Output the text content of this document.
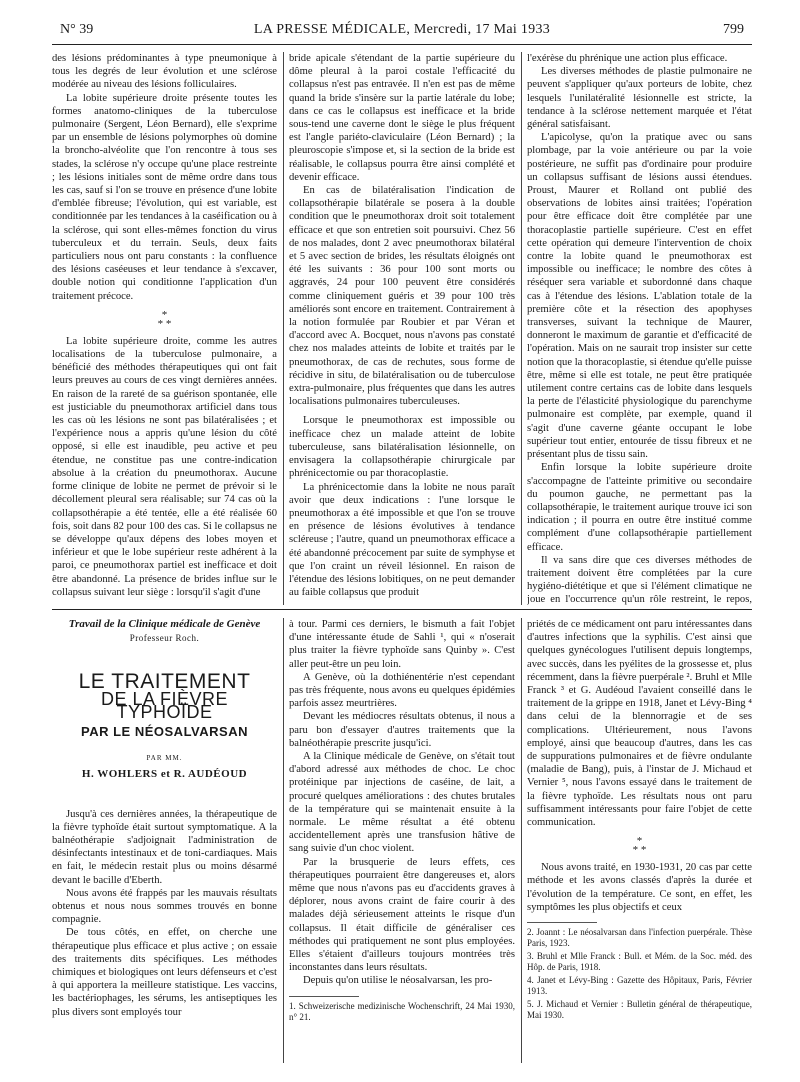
N° 39	LA PRESSE MÉDICALE, Mercredi, 17 Mai 1933	799

des lésions prédominantes à type pneumonique à tous les degrés de leur évolution et une sclérose modérée au niveau des lésions folliculaires.

La lobite supérieure droite présente toutes les formes anatomo-cliniques de la tuberculose pulmonaire (Sergent, Léon Bernard), elle s'exprime par un ensemble de lésions polymorphes où domine la broncho-alvéolite que l'on rencontre à tous ses stades, la sclérose n'y occupe qu'une place restreinte ; les lésions initiales sont de même ordre dans tous les cas, sauf si l'on se trouve en présence d'une lobite d'emblée fibreuse; l'évolution, qui est variable, est conditionnée par les tendances à la caséification ou à la sclérose, qui sont elles-mêmes fonction du virus tuberculeux et du terrain. Seuls, deux faits particuliers nous ont paru constants : la confluence des lésions caséeuses et leur tendance à s'excaver, double notion qui conditionne l'application d'un traitement précoce.

*
* *

La lobite supérieure droite, comme les autres localisations de la tuberculose pulmonaire, a bénéficié des méthodes thérapeutiques qui ont fait leurs preuves au cours de ces vingt dernières années. En raison de la rareté de sa guérison spontanée, elle est justiciable du pneumothorax artificiel dans tous les cas où les lésions ne sont pas bilatéralisées ; et l'expérience nous a appris qu'une lésion du côté opposé, si elle est inaudible, peu active et peu étendue, ne constitue pas une contre-indication absolue à la création du pneumothorax. Aucune forme clinique de lobite ne permet de prévoir si le décollement pleural sera réalisable; sur 74 cas où la collapsothérapie a été tentée, elle a été réalisée 60 fois, soit dans 82 pour 100 des cas. Si le collapsus ne se développe qu'aux dépens des lobes moyen et inférieur et que le lobe supérieur reste adhérent à la paroi, ce pneumothorax partiel est inefficace et doit être abandonné. La présence de brides influe sur le collapsus suivant leur siège : lorsqu'il s'agit d'une

bride apicale s'étendant de la partie supérieure du dôme pleural à la paroi costale l'efficacité du collapsus n'est pas entravée. Il n'en est pas de même quand la bride s'insère sur la partie latérale du lobe; dans ce cas le collapsus est inefficace et la bride sous-tend une caverne dont le siège le plus fréquent est l'angle pariéto-claviculaire (Léon Bernard) ; la pleuroscopie s'impose et, si la section de la bride est réalisable, le collapsus pourra être ainsi complété et devenir efficace.

En cas de bilatéralisation l'indication de collapsothérapie bilatérale se posera à la double condition que le pneumothorax droit soit totalement efficace et que son entretien soit poursuivi. Chez 56 de nos malades, dont 2 avec pneumothorax bilatéral et 5 avec section de brides, les résultats éloignés ont été les suivants : 36 pour 100 sont morts ou aggravés, 24 pour 100 peuvent être considérés comme cliniquement guéris et 39 pour 100 très améliorés sont encore en traitement. Contrairement à la notion formulée par Roubier et par Véran et d'accord avec A. Bocquet, nous n'avons pas constaté chez nos malades atteints de lobite et traités par le pneumothorax, de cas de rechutes, sous forme de récidive in situ, de bilatéralisation ou de tuberculose extra-pulmonaire, plus fréquentes que dans les autres localisations pulmonaires tuberculeuses.

Lorsque le pneumothorax est impossible ou inefficace chez un malade atteint de lobite tuberculeuse, sans bilatéralisation lésionnelle, on envisagera la collapsothérapie chirurgicale par phrénicectomie ou par thoracoplastie.

La phrénicectomie dans la lobite ne nous paraît avoir que deux indications : l'une lorsque le pneumothorax a été impossible et que l'on se trouve en présence de lésions évolutives à tendance scléreuse ; l'autre, quand un pneumothorax efficace a été abandonné précocement par suite de symphyse et que l'on craint un réveil lésionnel. En raison de l'étendue des lésions lobitiques, on ne peut demander au faible collapsus que produit

l'exérèse du phrénique une action plus efficace.

Les diverses méthodes de plastie pulmonaire ne peuvent s'appliquer qu'aux porteurs de lobite, chez lesquels l'unilatéralité lésionnelle est stricte, la tendance à la sclérose nettement marquée et l'état général satisfaisant.

L'apicolyse, qu'on la pratique avec ou sans plombage, par la voie antérieure ou par la voie postérieure, ne suffit pas d'ordinaire pour produire un collapsus suffisant de lésions aussi étendues. Proust, Maurer et Rolland ont publié des observations de lobites ainsi traitées; l'opération pour être efficace doit être complétée par une thoracoplastie partielle supérieure. C'est en effet cette opération qui demeure l'intervention de choix contre la lobite quand le pneumothorax est impossible ou inefficace; le nombre des côtes à réséquer sera variable et subordonné dans chaque cas à l'étendue des lésions. L'ablation totale de la première côte et la résection des apophyses transverses, suivant la technique de Maurer, donneront le maximum de garantie et d'efficacité de l'opération. Mais on ne saurait trop insister sur cette notion que la thoracoplastie, si étendue qu'elle puisse être, même si elle est totale, ne peut être pratiquée utilement contre certains cas de lobite dans lesquels la perte de l'élasticité physiologique du parenchyme pulmonaire est complète, par exemple, quand il s'agit d'une caverne géante occupant le lobe supérieur tout entier, entourée de tissu fibreux et ne présentant plus de tissu sain.

Enfin lorsque la lobite supérieure droite s'accompagne de l'atteinte primitive ou secondaire du poumon gauche, ne permettant pas la collapsothérapie, le traitement aurique trouve ici son indication ; il pourra en outre être institué comme complément d'une collapsothérapie partiellement efficace.

Il va sans dire que ces diverses méthodes de traitement doivent être complétées par la cure hygiéno-diététique et que si l'élément climatique ne joue en l'occurrence qu'un rôle restreint, le repos,

Travail de la Clinique médicale de Genève
Professeur Roch.
LE TRAITEMENT
DE LA FIÈVRE TYPHOÏDE
PAR LE NÉOSALVARSAN
PAR MM.
H. WOHLERS et R. AUDÉOUD

Jusqu'à ces dernières années, la thérapeutique de la fièvre typhoïde était surtout symptomatique. A la balnéothérapie s'adjoignait l'administration de désinfectants intestinaux et de toni-cardiaques. Mais en fait, le médecin restait plus ou moins désarmé devant le bacille d'Eberth.

Nous avons été frappés par les mauvais résultats obtenus et nous nous sommes trouvés en bonne compagnie.

De tous côtés, en effet, on cherche une thérapeutique plus efficace et plus active ; on essaie des traitements dits spécifiques. Les méthodes chimiques et biologiques ont leurs défenseurs et c'est à qui apportera la meilleure statistique. Les vaccins, les bactériophages, les sérums, les antiseptiques les plus divers sont employés tour

à tour. Parmi ces derniers, le bismuth a fait l'objet d'une intéressante étude de Sahli ¹, qui « n'oserait plus traiter la fièvre typhoïde sans Quinby ». C'est aller peut-être un peu loin.

A Genève, où la dothiénentérie n'est cependant pas très fréquente, nous avons eu quelques épidémies parfois assez meurtrières.

Devant les médiocres résultats obtenus, il nous a paru bon d'essayer d'autres traitements que la balnéothérapie prescrite jusqu'ici.

A la Clinique médicale de Genève, on s'était tout d'abord adressé aux méthodes de choc. Le choc protéinique par injections de caséine, de lait, a procuré quelques améliorations : des chutes brutales de la température qui se maintenait ensuite à la normale. Le même résultat a été obtenu accidentellement après une transfusion hâtive de sang suivie d'un choc violent.

Par la brusquerie de leurs effets, ces thérapeutiques pourraient être dangereuses et, alors même que nous n'avons pas eu d'accidents graves à déplorer, nous avons craint de faire courir à des malades déjà sérieusement atteints le risque d'un collapsus. Il était difficile de généraliser ces méthodes qui pratiquement ne sont plus employées. Elles s'étaient d'ailleurs toujours montrées très inconstantes dans leurs résultats.

Depuis qu'on utilise le néosalvarsan, les pro-

1. Schweizerische medizinische Wochenschrift, 24 Mai 1930, n° 21.

priétés de ce médicament ont paru intéressantes dans d'autres infections que la syphilis. C'est ainsi que quelques gynécologues l'utilisent depuis longtemps, avec succès, dans les pyélites de la grossesse et, plus récemment, dans la fièvre puerpérale ². Bruhl et Mlle Franck ³ et G. Audéoud l'avaient conseillé dans le traitement de la grippe en 1918, Janet et Lévy-Bing ⁴ dans celui de la blennorragie et de ses complications. Ultérieurement, nous l'avons employé, ainsi que beaucoup d'autres, dans les cas de suppurations pulmonaires et de fièvre ondulante (maladie de Bang), puis, à l'instar de J. Michaud et Vernier ⁵, nous l'avons essayé dans le traitement de la fièvre typhoïde. Les résultats nous ont paru suffisamment intéressants pour faire l'objet de cette communication.

*
* *

Nous avons traité, en 1930-1931, 20 cas par cette méthode et les avons classés d'après la durée et l'évolution de la température. Ce sont, en effet, les symptômes les plus objectifs et ceux

2. Joannt : Le néosalvarsan dans l'infection puerpérale. Thèse Paris, 1923.

3. Bruhl et Mlle Franck : Bull. et Mém. de la Soc. méd. des Hôp. de Paris, 1918.

4. Janet et Lévy-Bing : Gazette des Hôpitaux, Paris, Février 1913.

5. J. Michaud et Vernier : Bulletin général de thérapeutique, Mai 1930.
